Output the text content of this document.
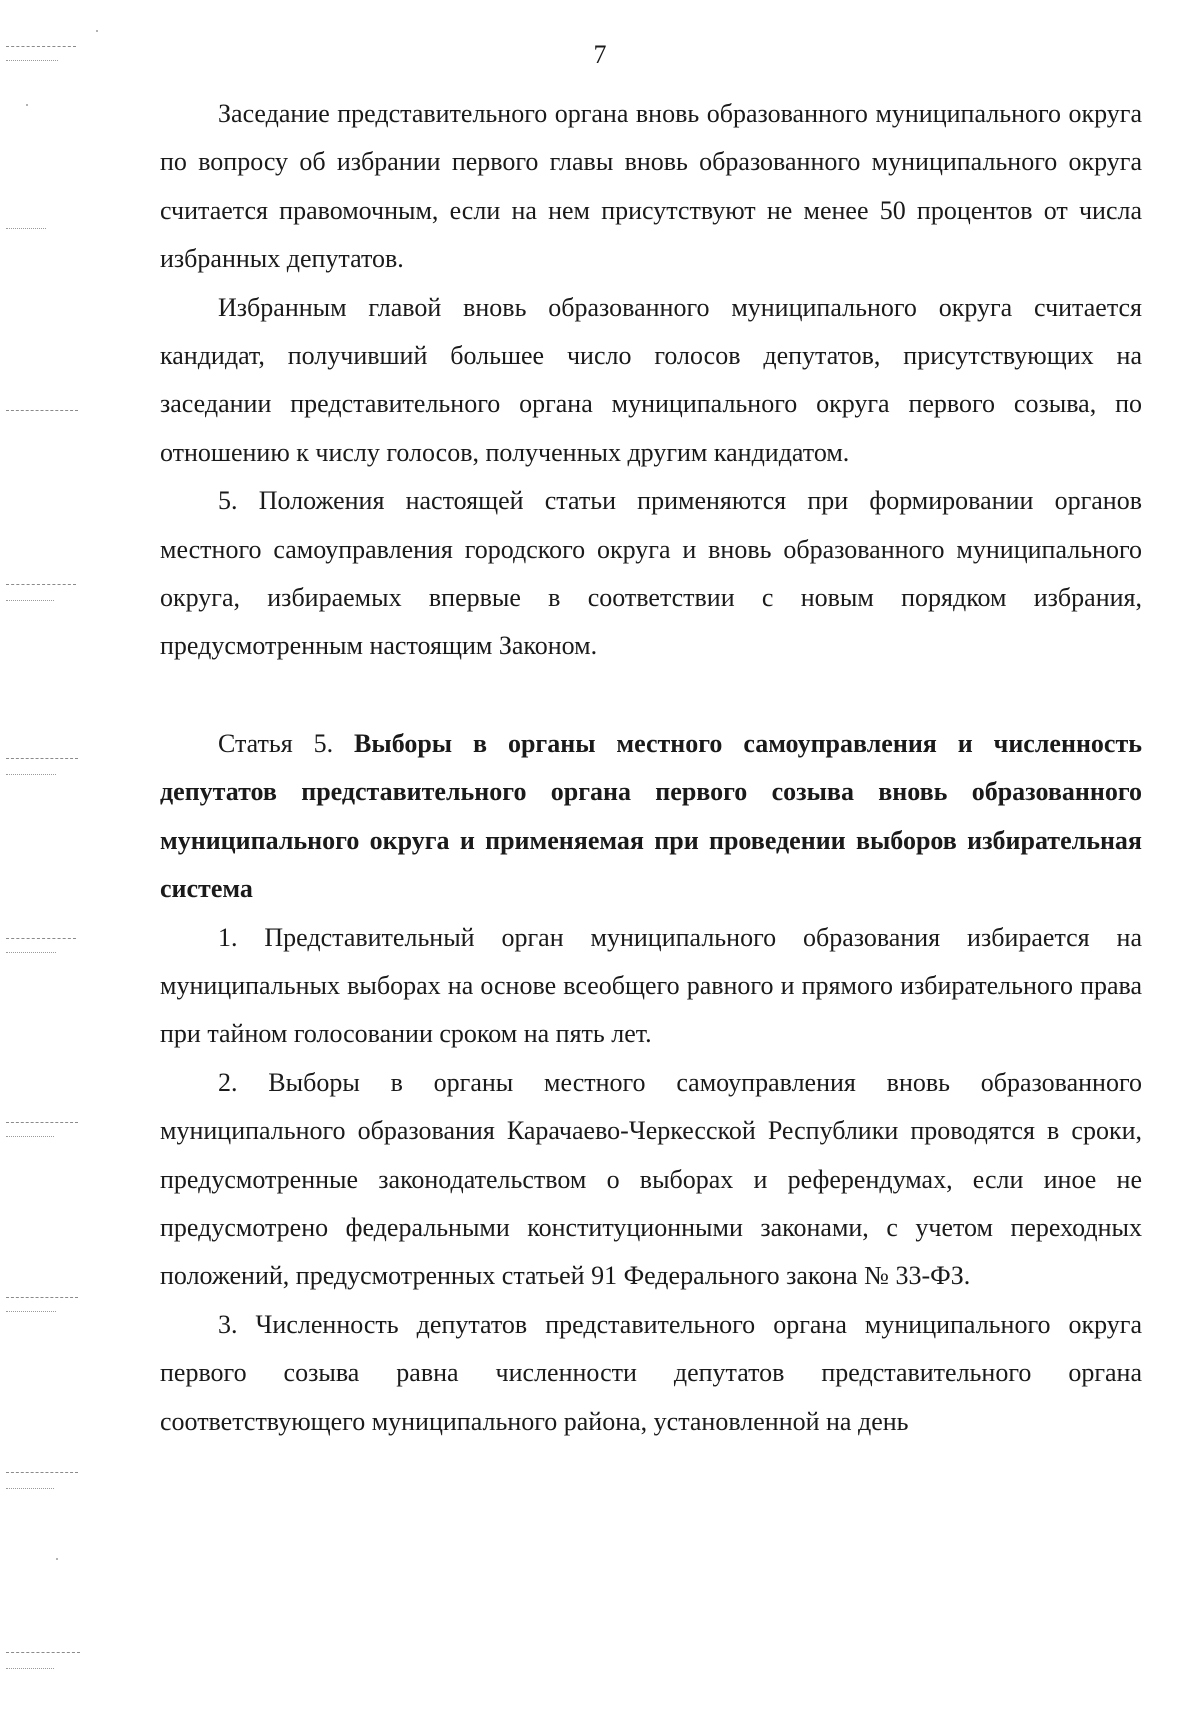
7

Заседание представительного органа вновь образованного муниципального округа по вопросу об избрании первого главы вновь образованного муниципального округа считается правомочным, если на нем присутствуют не менее 50 процентов от числа избранных депутатов.

Избранным главой вновь образованного муниципального округа считается кандидат, получивший большее число голосов депутатов, присутствующих на заседании представительного органа муниципального округа первого созыва, по отношению к числу голосов, полученных другим кандидатом.

5. Положения настоящей статьи применяются при формировании органов местного самоуправления городского округа и вновь образованного муниципального округа, избираемых впервые в соответствии с новым порядком избрания, предусмотренным настоящим Законом.

Статья 5. Выборы в органы местного самоуправления и численность депутатов представительного органа первого созыва вновь образованного муниципального округа и применяемая при проведении выборов избирательная система

1. Представительный орган муниципального образования избирается на муниципальных выборах на основе всеобщего равного и прямого избирательного права при тайном голосовании сроком на пять лет.

2. Выборы в органы местного самоуправления вновь образованного муниципального образования Карачаево-Черкесской Республики проводятся в сроки, предусмотренные законодательством о выборах и референдумах, если иное не предусмотрено федеральными конституционными законами, с учетом переходных положений, предусмотренных статьей 91 Федерального закона № 33-ФЗ.

3. Численность депутатов представительного органа муниципального округа первого созыва равна численности депутатов представительного органа соответствующего муниципального района, установленной на день
